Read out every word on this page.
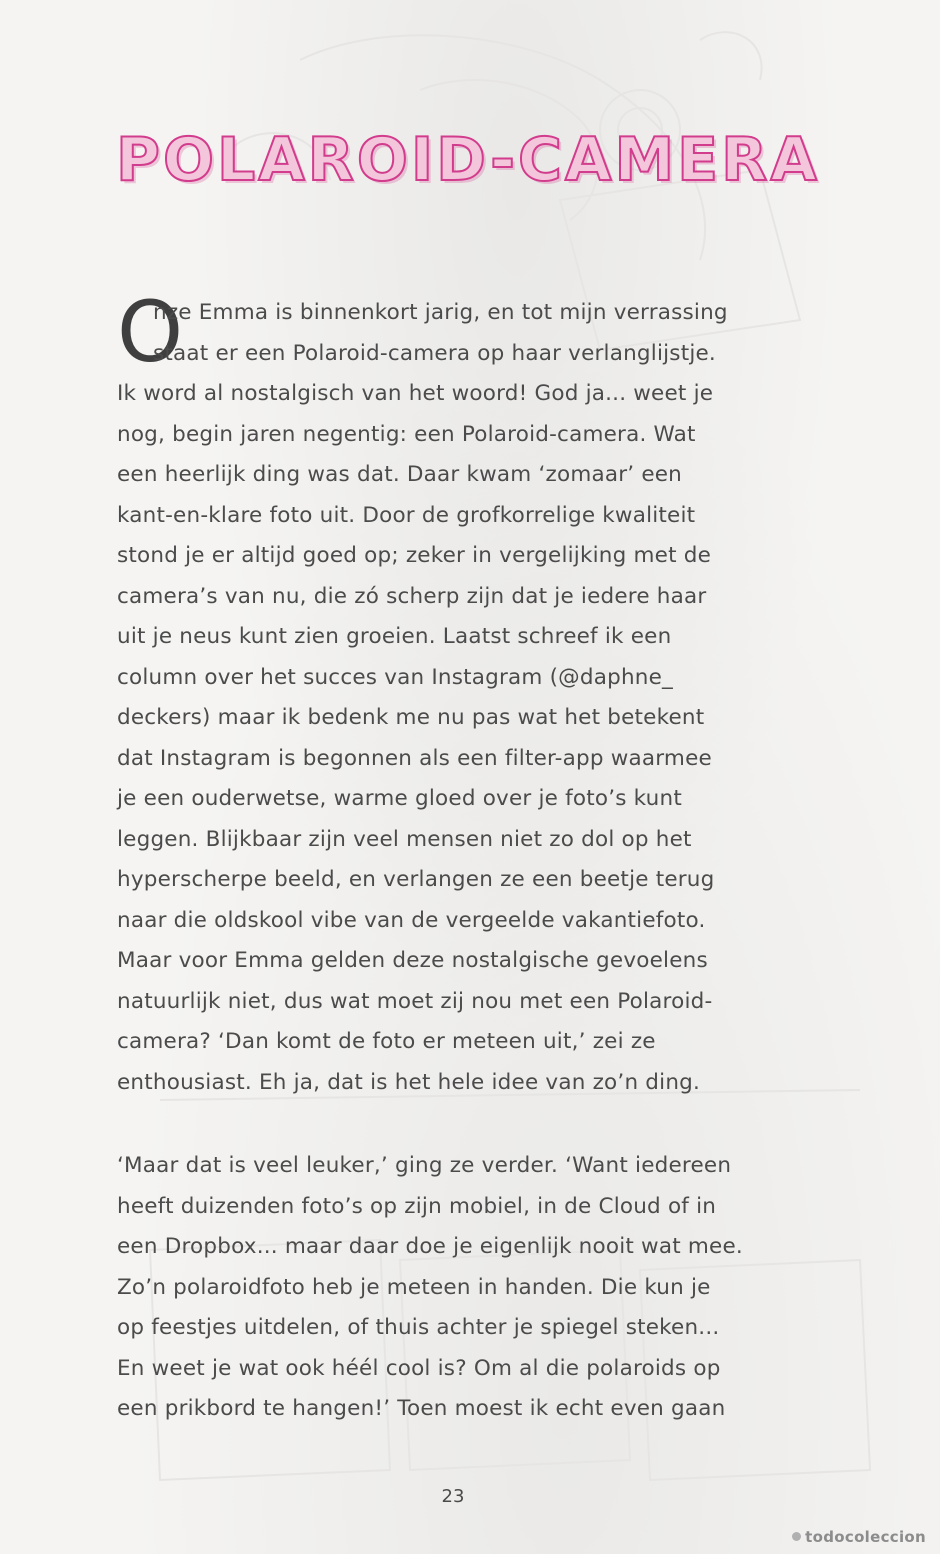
POLAROID-CAMERA
O
nze Emma is binnenkort jarig, en tot mijn verrassing
staat er een Polaroid-camera op haar verlanglijstje.
Ik word al nostalgisch van het woord! God ja... weet je
nog, begin jaren negentig: een Polaroid-camera. Wat
een heerlijk ding was dat. Daar kwam ‘zomaar’ een
kant-en-klare foto uit. Door de grofkorrelige kwaliteit
stond je er altijd goed op; zeker in vergelijking met de
camera’s van nu, die zó scherp zijn dat je iedere haar
uit je neus kunt zien groeien. Laatst schreef ik een
column over het succes van Instagram (@daphne_
deckers) maar ik bedenk me nu pas wat het betekent
dat Instagram is begonnen als een filter-app waarmee
je een ouderwetse, warme gloed over je foto’s kunt
leggen. Blijkbaar zijn veel mensen niet zo dol op het
hyperscherpe beeld, en verlangen ze een beetje terug
naar die oldskool vibe van de vergeelde vakantiefoto.
Maar voor Emma gelden deze nostalgische gevoelens
natuurlijk niet, dus wat moet zij nou met een Polaroid-
camera? ‘Dan komt de foto er meteen uit,’ zei ze
enthousiast. Eh ja, dat is het hele idee van zo’n ding.
‘Maar dat is veel leuker,’ ging ze verder. ‘Want iedereen
heeft duizenden foto’s op zijn mobiel, in de Cloud of in
een Dropbox... maar daar doe je eigenlijk nooit wat mee.
Zo’n polaroidfoto heb je meteen in handen. Die kun je
op feestjes uitdelen, of thuis achter je spiegel steken...
En weet je wat ook héél cool is? Om al die polaroids op
een prikbord te hangen!’ Toen moest ik echt even gaan
23
todocoleccion
